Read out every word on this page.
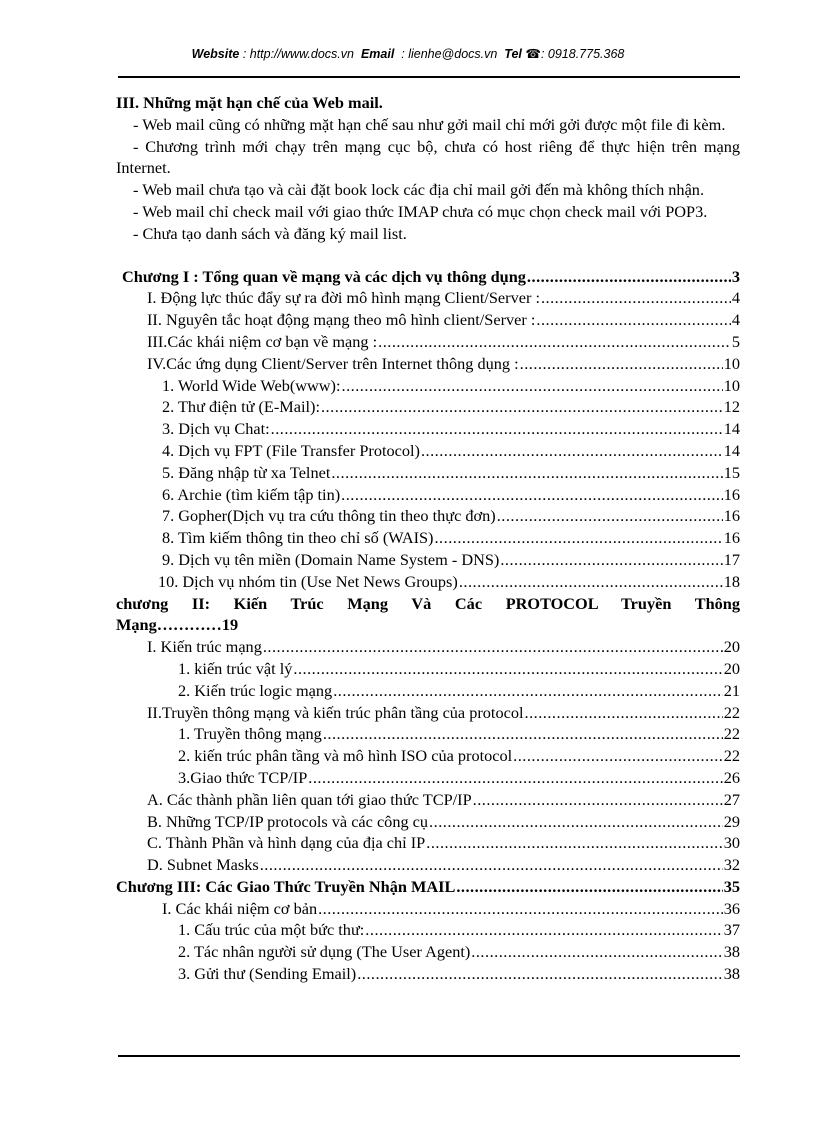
Website : http://www.docs.vn Email : lienhe@docs.vn Tel ☎: 0918.775.368
III. Những mặt hạn chế của Web mail.
- Web mail cũng có những mặt hạn chế sau như gởi mail chỉ mới gởi được một file đi kèm.
- Chương trình mới chạy trên mạng cục bộ, chưa có host riêng để thực hiện trên mạng Internet.
- Web mail chưa tạo và cài đặt book lock các địa chỉ mail gởi đến mà không thích nhận.
- Web mail chỉ check mail với giao thức IMAP chưa có mục chọn check mail với POP3.
- Chưa tạo danh sách và đăng ký mail list.
Chương I : Tổng quan về mạng và các dịch vụ thông dụng .....	3
I. Động lực thúc đẩy sự ra đời mô hình mạng Client/Server : .....	4
II. Nguyên tắc hoạt động mạng theo mô hình client/Server : .....	4
III.Các khái niệm cơ bạn về mạng : .....	5
IV.Các ứng dụng Client/Server trên Internet thông dụng : .....	10
1. World Wide Web(www): .....	10
2. Thư điện tử (E-Mail): .....	12
3. Dịch vụ Chat: .....	14
4. Dịch vụ FPT (File Transfer Protocol) .....	14
5. Đăng nhập từ xa Telnet .....	15
6. Archie (tìm kiếm tập tin) .....	16
7. Gopher(Dịch vụ tra cứu thông tin theo thực đơn) .....	16
8. Tìm kiếm thông tin theo chỉ số (WAIS) .....	16
9. Dịch vụ tên miền (Domain Name System - DNS) .....	17
10. Dịch vụ nhóm tin (Use Net News Groups) .....	18
chương II: Kiến Trúc Mạng Và Các PROTOCOL Truyền Thông
Mạng…………19
I. Kiến trúc mạng .....	20
1. kiến trúc vật lý .....	20
2. Kiến trúc logic mạng .....	21
II.Truyền thông mạng và kiến trúc phân tầng của protocol .....	22
1. Truyền thông mạng .....	22
2. kiến trúc phân tầng và mô hình ISO của protocol .....	22
3.Giao thức TCP/IP .....	26
A. Các thành phần liên quan tới giao thức TCP/IP .....	27
B. Những TCP/IP protocols và các công cụ .....	29
C. Thành Phần và hình dạng của địa chỉ IP .....	30
D. Subnet Masks .....	32
Chương III: Các Giao Thức Truyền Nhận MAIL .....	35
I. Các khái niệm cơ bản .....	36
1. Cấu trúc của một bức thư: .....	37
2. Tác nhân người sử dụng (The User Agent) .....	38
3. Gửi thư (Sending Email) .....	38
